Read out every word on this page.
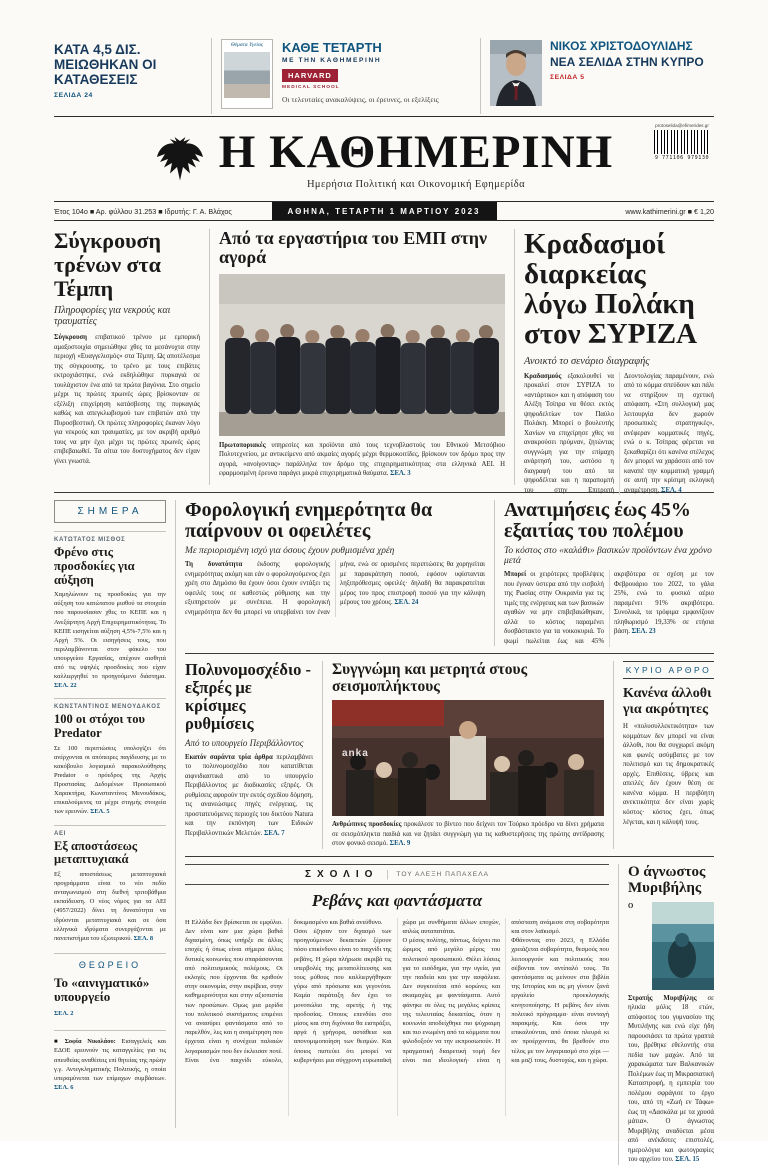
ΚΑΤΑ 4,5 ΔΙΣ. ΜΕΙΩΘΗΚΑΝ ΟΙ ΚΑΤΑΘΕΣΕΙΣ
ΣΕΛΙΔΑ 24
Θέματα Υγείας	ΚΑΘΕ ΤΕΤΑΡΤΗ
ΜΕ ΤΗΝ ΚΑΘΗΜΕΡΙΝΗ
HARVARD
MEDICAL SCHOOL
Οι τελευταίες ανακαλύψεις, οι έρευνες, οι εξελίξεις
ΝΙΚΟΣ ΧΡΙΣΤΟΔΟΥΛΙΔΗΣ
ΝΕΑ ΣΕΛΙΔΑ ΣΤΗΝ ΚΥΠΡΟ
ΣΕΛΙΔΑ 5
Η ΚΑΘΗΜΕΡΙΝΗ
Ημερήσια Πολιτική και Οικονομική Εφημερίδα
protoselida@efimerides.gr
9 771106 979130
Έτος 104ο ■ Αρ. φύλλου 31.253 ■ Ιδρυτής: Γ. Α. Βλάχος	ΑΘΗΝΑ, ΤΕΤΑΡΤΗ 1 ΜΑΡΤΙΟΥ 2023	www.kathimerini.gr ■ € 1,20
Σύγκρουση τρένων στα Τέμπη
Πληροφορίες για νεκρούς και τραυματίες
Σύγκρουση επιβατικού τρένου με εμπορική αμαξοστοιχία σημειώθηκε χθες τα μεσάνυχτα στην περιοχή «Ευαγγελισμός» στα Τέμπη. Ως αποτέλεσμα της σύγκρουσης, το τρένο με τους επιβάτες εκτροχιάστηκε, ενώ εκδηλώθηκε πυρκαγιά σε τουλάχιστον ένα από τα πρώτα βαγόνια. Στο σημείο μέχρι τις πρώτες πρωινές ώρες βρίσκονταν σε εξέλιξη επιχείρηση κατάσβεσης της πυρκαγιάς καθώς και απεγκλωβισμού των επιβατών από την Πυροσβεστική. Οι πρώτες πληροφορίες έκαναν λόγο για νεκρούς και τραυματίες, με τον ακριβή αριθμό τους να μην έχει μέχρι τις πρώτες πρωινές ώρες επιβεβαιωθεί. Τα αίτια του δυστυχήματος δεν είχαν γίνει γνωστά.
Από τα εργαστήρια του ΕΜΠ στην αγορά
Πρωτοποριακές υπηρεσίες και προϊόντα από τους τεχνοβλαστούς του Εθνικού Μετσόβιου Πολυτεχνείου, με αντικείμενο από ακμαίες αγορές μέχρι θερμοκοιτίδες, βρίσκουν τον δρόμο προς την αγορά, «ανοίγοντας» παράλληλα τον δρόμο της επιχειρηματικότητας στα ελληνικά ΑΕΙ. Η εφαρμοσμένη έρευνα παράγει μικρά επιχειρηματικά θαύματα. ΣΕΛ. 3
Κραδασμοί διαρκείας λόγω Πολάκη στον ΣΥΡΙΖΑ
Ανοικτό το σενάριο διαγραφής
Κραδασμούς εξακολουθεί να προκαλεί στον ΣΥΡΙΖΑ το «αντάρτικο» και η απόφαση του Αλέξη Τσίπρα να θέσει εκτός ψηφοδελτίων τον Παύλο Πολάκη. Μπορεί ο βουλευτής Χανίων να επιχείρησε χθες να ανακρούσει πρύμναν, ζητώντας συγγνώμη για την επίμαχη ανάρτησή του, ωστόσο η διαγραφή του από τα ψηφοδέλτια και η παραπομπή του στην Επιτροπή Δεοντολογίας παραμένουν, ενώ από το κόμμα σπεύδουν και πάλι να στηρίξουν τη σχετική απόφαση. «Στη συλλογική μας λειτουργία δεν χωρούν προσωπικές στρατηγικές», ανέφεραν κομματικές πηγές, ενώ ο κ. Τσίπρας φέρεται να ξεκαθαρίζει ότι κανένα στέλεχος δεν μπορεί να χαράσσει από τον καναπέ την κομματική γραμμή σε αυτή την κρίσιμη εκλογική αναμέτρηση. ΣΕΛ. 4
ΣΗΜΕΡΑ
ΚΑΤΩΤΑΤΟΣ ΜΙΣΘΟΣ
Φρένο στις προσδοκίες για αύξηση
Χαμηλώνουν τις προσδοκίες για την αύξηση του κατώτατου μισθού τα στοιχεία που παρουσίασαν χθες το ΚΕΠΕ και η Ανεξάρτητη Αρχή Επιχειρηματικότητας. Το ΚΕΠΕ εισηγείται αύξηση 4,5%-7,5% και η Αρχή 5%. Οι εισηγήσεις τους, που περιλαμβάνονται στον φάκελο του υπουργείου Εργασίας, απέχουν αισθητά από τις υψηλές προσδοκίες που είχαν καλλιεργηθεί το προηγούμενο διάστημα. ΣΕΛ. 22
ΚΩΝΣΤΑΝΤΙΝΟΣ ΜΕΝΟΥΔΑΚΟΣ
100 οι στόχοι του Predator
Σε 100 περιπτώσεις υπολογίζει ότι ανέρχονται οι απόπειρες παγίδευσης με το κακόβουλο λογισμικό παρακολούθησης Predator ο πρόεδρος της Αρχής Προστασίας Δεδομένων Προσωπικού Χαρακτήρα, Κωνσταντίνος Μενουδάκος, επικαλούμενος τα μέχρι στιγμής στοιχεία των ερευνών. ΣΕΛ. 5
ΑΕΙ
Εξ αποστάσεως μεταπτυχιακά
Εξ αποστάσεως μεταπτυχιακά προγράμματα είναι το νέο πεδίο ανταγωνισμού στη διεθνή τριτοβάθμια εκπαίδευση. Ο νέος νόμος για τα ΑΕΙ (4957/2022) δίνει τη δυνατότητα να ιδρύονται μεταπτυχιακά και σε όσα ελληνικά ιδρύματα συνεργάζονται με πανεπιστήμια του εξωτερικού. ΣΕΛ. 8
ΘΕΩΡΕΙΟ
Το «αινιγματικό» υπουργείο
ΣΕΛ. 2
■ Σοφία Νικολάου: Εισαγγελείς και ΕΔΟΕ ερευνούν τις καταγγελίες για τις απευθείας αναθέσεις επί θητείας της πρώην γ.γ. Αντεγκληματικής Πολιτικής, η οποία υπεραμύνεται των επίμαχων συμβάσεων. ΣΕΛ. 6
Φορολογική ενημερότητα θα παίρνουν οι οφειλέτες
Με περιορισμένη ισχύ για όσους έχουν ρυθμισμένα χρέη
Τη δυνατότητα έκδοσης φορολογικής ενημερότητας ακόμη και εάν ο φορολογούμενος έχει χρέη στο Δημόσιο θα έχουν όσοι έχουν εντάξει τις οφειλές τους σε καθεστώς ρύθμισης και την εξυπηρετούν με συνέπεια. Η φορολογική ενημερότητα δεν θα μπορεί να υπερβαίνει τον έναν μήνα, ενώ σε ορισμένες περιπτώσεις θα χορηγείται με παρακράτηση ποσού, εφόσον υφίστανται ληξιπρόθεσμες οφειλές· δηλαδή θα παρακρατείται μέρος του προς επιστροφή ποσού για την κάλυψη μέρους του χρέους. ΣΕΛ. 24
Ανατιμήσεις έως 45% εξαιτίας του πολέμου
Το κόστος στο «καλάθι» βασικών προϊόντων ένα χρόνο μετά
Μπορεί οι χειρότερες προβλέψεις που έγιναν ύστερα από την εισβολή της Ρωσίας στην Ουκρανία για τις τιμές της ενέργειας και των βασικών αγαθών να μην επιβεβαιώθηκαν, αλλά το κόστος παραμένει δυσβάστακτο για τα νοικοκυριά. Το ψωμί πωλείται έως και 45% ακριβότερα σε σχέση με τον Φεβρουάριο του 2022, το γάλα 25%, ενώ το φυσικό αέριο παραμένει 91% ακριβότερο. Συνολικά, τα τρόφιμα εμφανίζουν πληθωρισμό 19,33% σε ετήσια βάση. ΣΕΛ. 23
Πολυνομοσχέδιο - εξπρές με κρίσιμες ρυθμίσεις
Από το υπουργείο Περιβάλλοντος
Εκατόν σαράντα τρία άρθρα περιλαμβάνει το πολυνομοσχέδιο που κατατίθεται αιφνιδιαστικά από το υπουργείο Περιβάλλοντος με διαδικασίες εξπρές. Οι ρυθμίσεις αφορούν την εκτός σχεδίου δόμηση, τις ανανεώσιμες πηγές ενέργειας, τις προστατευόμενες περιοχές του δικτύου Natura και την εκπόνηση των Ειδικών Περιβαλλοντικών Μελετών. ΣΕΛ. 7
Συγγνώμη και μετρητά στους σεισμοπλήκτους
anka
Ανθρώπινες προσδοκίες προκάλεσε το βίντεο που δείχνει τον Τούρκο πρόεδρο να δίνει χρήματα σε σεισμόπληκτα παιδιά και να ζητάει συγγνώμη για τις καθυστερήσεις της πρώτης αντίδρασης στον φονικό σεισμό. ΣΕΛ. 9
ΚΥΡΙΟ ΑΡΘΡΟ
Κανένα άλλοθι για ακρότητες
Η «πολυσυλλεκτικότητα» των κομμάτων δεν μπορεί να είναι άλλοθι, που θα συγχωρεί ακόμη και φωνές ασύμβατες με τον πολιτισμό και τις δημοκρατικές αρχές. Επιθέσεις, ύβρεις και απειλές δεν έχουν θέση σε κανένα κόμμα. Η περιβόητη ανεκτικότητα δεν είναι χωρίς κόστος· κόστος έχει, όπως λέγεται, και η κάλυψή τους.
ΣΧΟΛΙΟ | ΤΟΥ ΑΛΕΞΗ ΠΑΠΑΧΕΛΑ
Ρεβάνς και φαντάσματα
Η Ελλάδα δεν βρίσκεται σε εμφύλιο. Δεν είναι καν μια χώρα βαθιά διχασμένη, όπως υπήρξε σε άλλες εποχές ή όπως είναι σήμερα άλλες δυτικές κοινωνίες που σπαράσσονται από πολιτισμικούς πολέμους. Οι εκλογές που έρχονται θα κριθούν στην οικονομία, στην ακρίβεια, στην καθημερινότητα και στην αξιοπιστία των προσώπων. Ομως μια μερίδα του πολιτικού συστήματος επιμένει να ανασύρει φαντάσματα από το παρελθόν, λες και η αναμέτρηση που έρχεται είναι η συνέχεια παλαιών λογαριασμών που δεν έκλεισαν ποτέ. Είναι ένα παιχνίδι εύκολο, δοκιμασμένο και βαθιά ανεύθυνο.
Οσοι έζησαν τον διχασμό των προηγούμενων δεκαετιών ξέρουν πόσο επικίνδυνο είναι το παιχνίδι της ρεβάνς. Η χώρα πλήρωσε ακριβά τις υπερβολές της μεταπολίτευσης και τους μύθους που καλλιεργήθηκαν γύρω από πρόσωπα και γεγονότα. Καμία παράταξη δεν έχει το μονοπώλιο της αρετής ή της προδοσίας. Οποιος επενδύει στο μίσος και στη διχόνοια θα εισπράξει, αργά ή γρήγορα, αστάθεια και απονομιμοποίηση των θεσμών. Και όποιος πιστεύει ότι μπορεί να κυβερνήσει μια σύγχρονη ευρωπαϊκή χώρα με συνθήματα άλλων εποχών, απλώς αυταπατάται.
Ο μέσος πολίτης, πάντως, δείχνει πιο ώριμος από μεγάλο μέρος του πολιτικού προσωπικού. Θέλει λύσεις για το εισόδημα, για την υγεία, για την παιδεία και για την ασφάλεια. Δεν συγκινείται από κορώνες και σκιαμαχίες με φαντάσματα. Αυτό φάνηκε σε όλες τις μεγάλες κρίσεις της τελευταίας δεκαετίας, όταν η κοινωνία αποδείχθηκε πιο ψύχραιμη και πιο ενωμένη από τα κόμματα που φιλοδοξούν να την εκπροσωπούν. Η πραγματική διαιρετική τομή δεν είναι πια ιδεολογική· είναι η απόσταση ανάμεσα στη σοβαρότητα και στον λαϊκισμό.
Φθάνοντας στο 2023, η Ελλάδα χρειάζεται σοβαρότητα, θεσμούς που λειτουργούν και πολιτικούς που σέβονται τον αντίπαλό τους. Τα φαντάσματα ας μείνουν στα βιβλία της Ιστορίας και ας μη γίνουν ξανά εργαλείο προεκλογικής κινητοποίησης. Η ρεβάνς δεν είναι πολιτικό πρόγραμμα· είναι συνταγή παρακμής. Και όσοι την επικαλούνται, από όποια πλευρά κι αν προέρχονται, θα βρεθούν στο τέλος με τον λογαριασμό στο χέρι — και μαζί τους, δυστυχώς, και η χώρα.
Ο άγνωστος Μυριβήλης
Ο Στρατής Μυριβήλης σε ηλικία μόλις 18 ετών, απόφοιτος του γυμνασίου της Μυτιλήνης και ενώ είχε ήδη παρουσιάσει τα πρώτα γραπτά του, βρέθηκε εθελοντής στα πεδία των μαχών. Από τα χαρακώματα των Βαλκανικών Πολέμων έως τη Μικρασιατική Καταστροφή, η εμπειρία του πολέμου σφράγισε το έργο του, από τη «Ζωή εν Τάφω» έως τη «Δασκάλα με τα χρυσά μάτια». Ο άγνωστος Μυριβήλης αναδύεται μέσα από ανέκδοτες επιστολές, ημερολόγια και φωτογραφίες του αρχείου του. ΣΕΛ. 15
